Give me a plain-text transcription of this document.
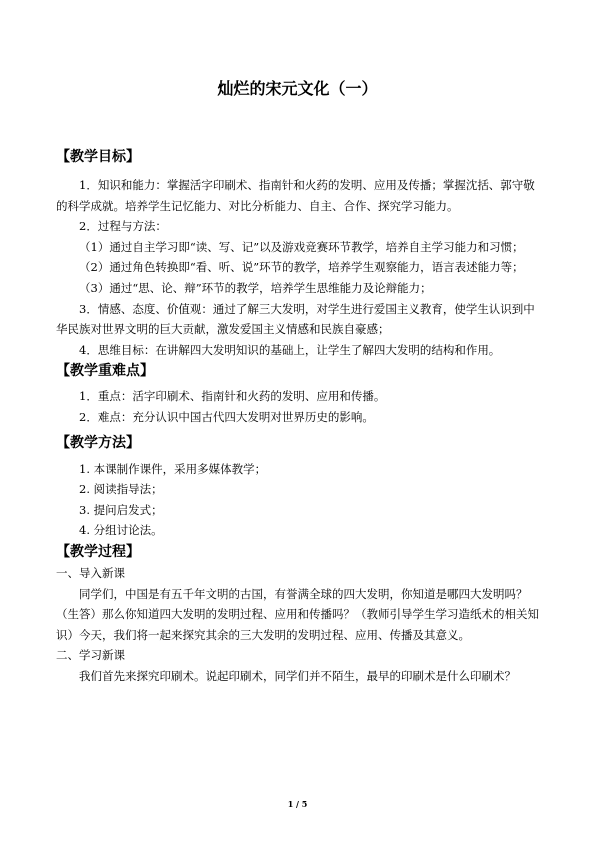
灿烂的宋元文化（一）

【教学目标】

1．知识和能力：掌握活字印刷术、指南针和火药的发明、应用及传播；掌握沈括、郭守敬的科学成就。培养学生记忆能力、对比分析能力、自主、合作、探究学习能力。

2．过程与方法：

（1）通过自主学习即“读、写、记”以及游戏竞赛环节教学，培养自主学习能力和习惯；

（2）通过角色转换即“看、听、说”环节的教学，培养学生观察能力，语言表述能力等；

（3）通过“思、论、辩”环节的教学，培养学生思维能力及论辩能力；

3．情感、态度、价值观：通过了解三大发明，对学生进行爱国主义教育，使学生认识到中华民族对世界文明的巨大贡献，激发爱国主义情感和民族自豪感；

4．思维目标：在讲解四大发明知识的基础上，让学生了解四大发明的结构和作用。

【教学重难点】

1．重点：活字印刷术、指南针和火药的发明、应用和传播。

2．难点：充分认识中国古代四大发明对世界历史的影响。

【教学方法】

1. 本课制作课件，采用多媒体教学；

2. 阅读指导法；

3. 提问启发式；

4. 分组讨论法。

【教学过程】

一、导入新课

同学们，中国是有五千年文明的古国，有誉满全球的四大发明，你知道是哪四大发明吗？（生答）那么你知道四大发明的发明过程、应用和传播吗？（教师引导学生学习造纸术的相关知识）今天，我们将一起来探究其余的三大发明的发明过程、应用、传播及其意义。

二、学习新课

我们首先来探究印刷术。说起印刷术，同学们并不陌生，最早的印刷术是什么印刷术？

1 / 5
